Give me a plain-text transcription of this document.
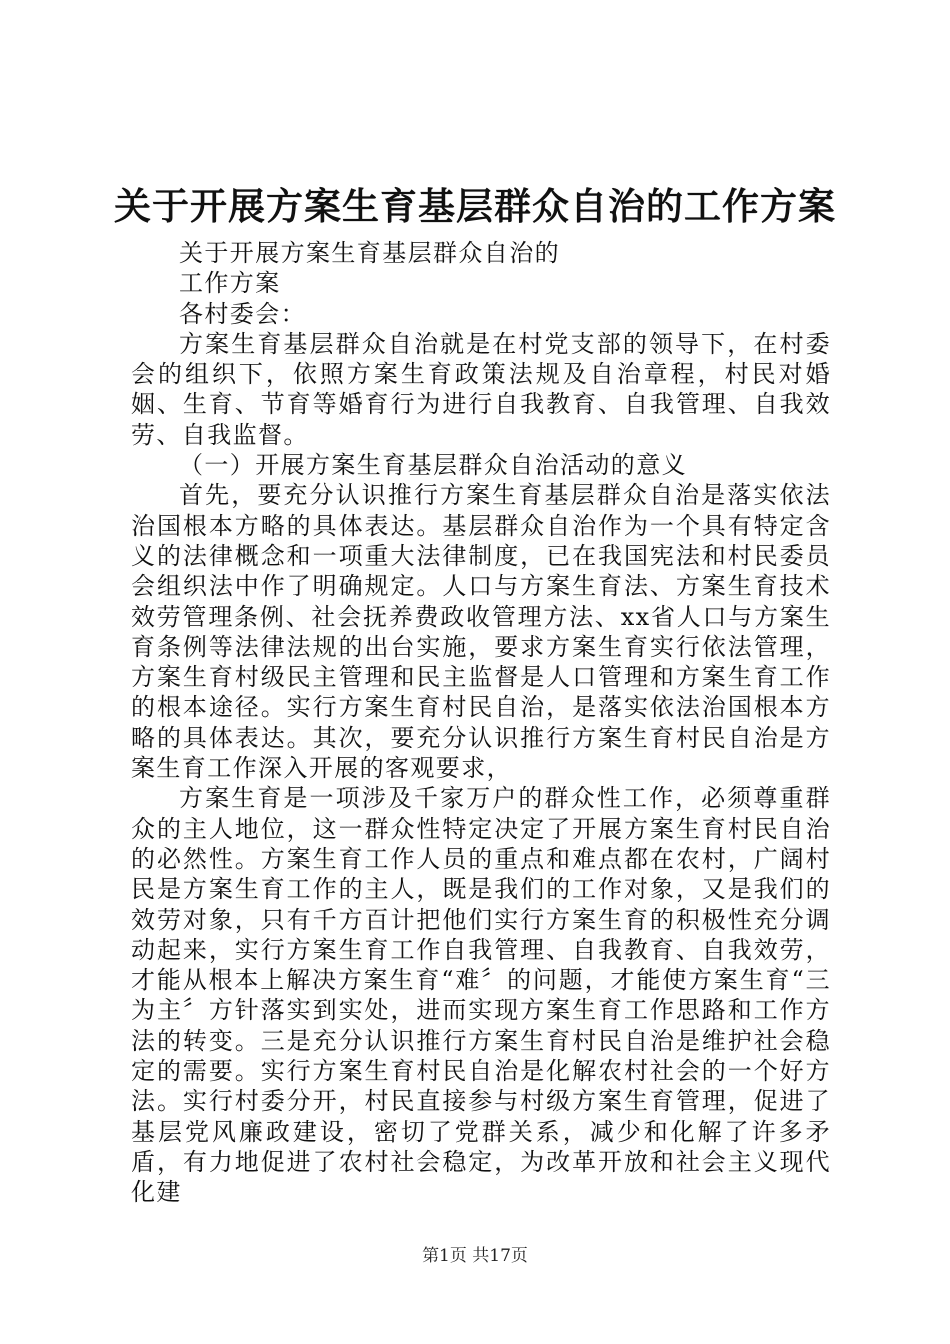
关于开展方案生育基层群众自治的工作方案

关于开展方案生育基层群众自治的

工作方案

各村委会：

方案生育基层群众自治就是在村党支部的领导下，在村委会的组织下，依照方案生育政策法规及自治章程，村民对婚姻、生育、节育等婚育行为进行自我教育、自我管理、自我效劳、自我监督。

（一）开展方案生育基层群众自治活动的意义

首先，要充分认识推行方案生育基层群众自治是落实依法治国根本方略的具体表达。基层群众自治作为一个具有特定含义的法律概念和一项重大法律制度，已在我国宪法和村民委员会组织法中作了明确规定。人口与方案生育法、方案生育技术效劳管理条例、社会抚养费政收管理方法、xx省人口与方案生育条例等法律法规的出台实施，要求方案生育实行依法管理，方案生育村级民主管理和民主监督是人口管理和方案生育工作的根本途径。实行方案生育村民自治，是落实依法治国根本方略的具体表达。其次，要充分认识推行方案生育村民自治是方案生育工作深入开展的客观要求，

方案生育是一项涉及千家万户的群众性工作，必须尊重群众的主人地位，这一群众性特定决定了开展方案生育村民自治的必然性。方案生育工作人员的重点和难点都在农村，广阔村民是方案生育工作的主人，既是我们的工作对象，又是我们的效劳对象，只有千方百计把他们实行方案生育的积极性充分调动起来，实行方案生育工作自我管理、自我教育、自我效劳，才能从根本上解决方案生育“难〞的问题，才能使方案生育“三为主〞方针落实到实处，进而实现方案生育工作思路和工作方法的转变。三是充分认识推行方案生育村民自治是维护社会稳定的需要。实行方案生育村民自治是化解农村社会的一个好方法。实行村委分开，村民直接参与村级方案生育管理，促进了基层党风廉政建设，密切了党群关系，减少和化解了许多矛盾，有力地促进了农村社会稳定，为改革开放和社会主义现代化建

第1页 共17页
